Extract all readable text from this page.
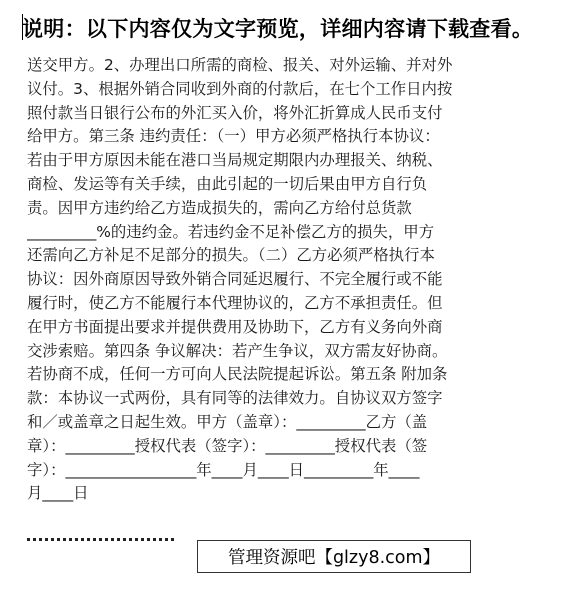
说明：以下内容仅为文字预览，详细内容请下载查看。
送交甲方。2、办理出口所需的商检、报关、对外运输、并对外
议付。3、根据外销合同收到外商的付款后，在七个工作日内按
照付款当日银行公布的外汇买入价，将外汇折算成人民币支付
给甲方。第三条 违约责任：（一）甲方必须严格执行本协议：
若由于甲方原因未能在港口当局规定期限内办理报关、纳税、
商检、发运等有关手续，由此引起的一切后果由甲方自行负
责。因甲方违约给乙方造成损失的，需向乙方给付总货款
_________%的违约金。若违约金不足补偿乙方的损失，甲方
还需向乙方补足不足部分的损失。（二）乙方必须严格执行本
协议：因外商原因导致外销合同延迟履行、不完全履行或不能
履行时，使乙方不能履行本代理协议的，乙方不承担责任。但
在甲方书面提出要求并提供费用及协助下，乙方有义务向外商
交涉索赔。第四条 争议解决：若产生争议，双方需友好协商。
若协商不成，任何一方可向人民法院提起诉讼。第五条 附加条
款：本协议一式两份，具有同等的法律效力。自协议双方签字
和／或盖章之日起生效。甲方（盖章）：_________乙方（盖
章）：_________授权代表（签字）：_________授权代表（签
字）：_________________年____月____日_________年____
月____日
管理资源吧【glzy8.com】
